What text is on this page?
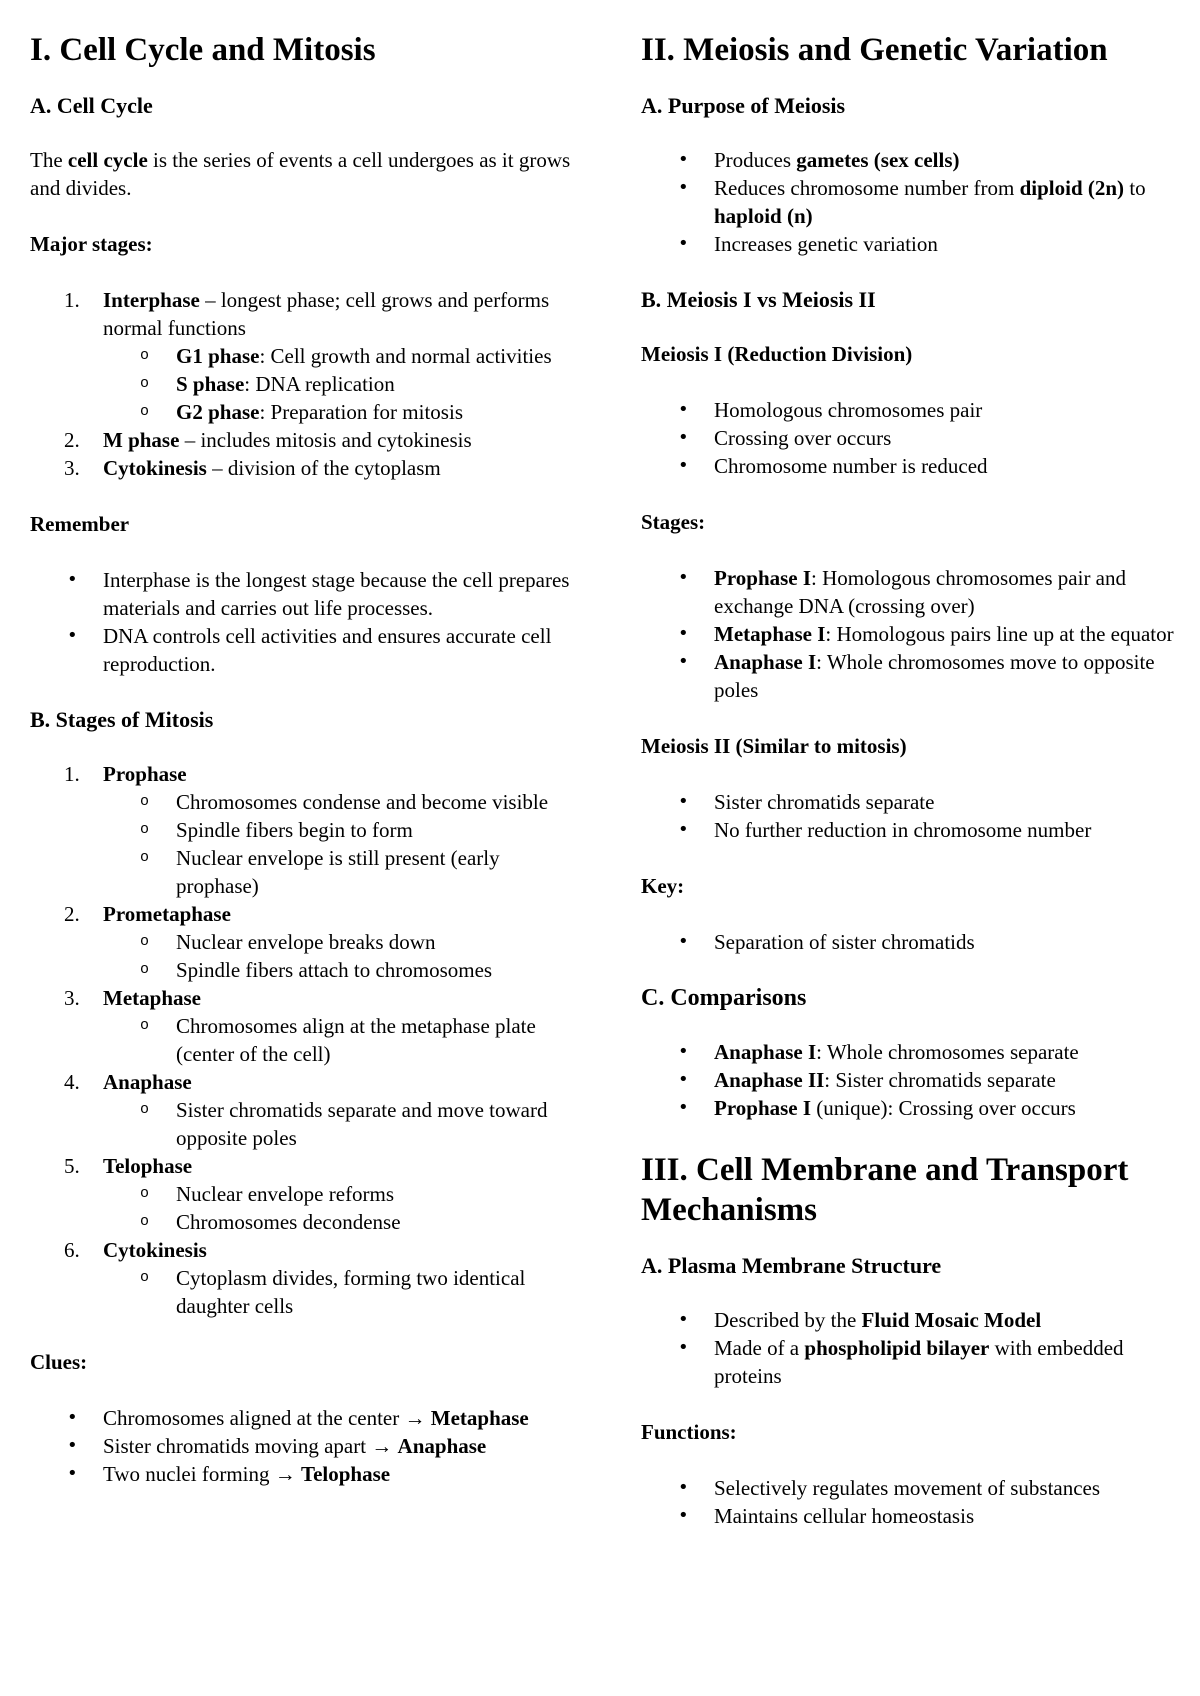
I. Cell Cycle and Mitosis
A. Cell Cycle

The cell cycle is the series of events a cell undergoes as it grows and divides.

Major stages:

1. Interphase – longest phase; cell grows and performs normal functions
o G1 phase: Cell growth and normal activities
o S phase: DNA replication
o G2 phase: Preparation for mitosis
2. M phase – includes mitosis and cytokinesis
3. Cytokinesis – division of the cytoplasm

Remember

• Interphase is the longest stage because the cell prepares materials and carries out life processes.
• DNA controls cell activities and ensures accurate cell reproduction.
B. Stages of Mitosis
1. Prophase
o Chromosomes condense and become visible
o Spindle fibers begin to form
o Nuclear envelope is still present (early prophase)
2. Prometaphase
o Nuclear envelope breaks down
o Spindle fibers attach to chromosomes
3. Metaphase
o Chromosomes align at the metaphase plate (center of the cell)
4. Anaphase
o Sister chromatids separate and move toward opposite poles
5. Telophase
o Nuclear envelope reforms
o Chromosomes decondense
6. Cytokinesis
o Cytoplasm divides, forming two identical daughter cells

Clues:

• Chromosomes aligned at the center → Metaphase
• Sister chromatids moving apart → Anaphase
• Two nuclei forming → Telophase
II. Meiosis and Genetic Variation
A. Purpose of Meiosis
• Produces gametes (sex cells)
• Reduces chromosome number from diploid (2n) to haploid (n)
• Increases genetic variation
B. Meiosis I vs Meiosis II

Meiosis I (Reduction Division)

• Homologous chromosomes pair
• Crossing over occurs
• Chromosome number is reduced

Stages:

• Prophase I: Homologous chromosomes pair and exchange DNA (crossing over)
• Metaphase I: Homologous pairs line up at the equator
• Anaphase I: Whole chromosomes move to opposite poles

Meiosis II (Similar to mitosis)

• Sister chromatids separate
• No further reduction in chromosome number

Key:

• Separation of sister chromatids
C. Comparisons
• Anaphase I: Whole chromosomes separate
• Anaphase II: Sister chromatids separate
• Prophase I (unique): Crossing over occurs
III. Cell Membrane and Transport Mechanisms
A. Plasma Membrane Structure
• Described by the Fluid Mosaic Model
• Made of a phospholipid bilayer with embedded proteins

Functions:

• Selectively regulates movement of substances
• Maintains cellular homeostasis
